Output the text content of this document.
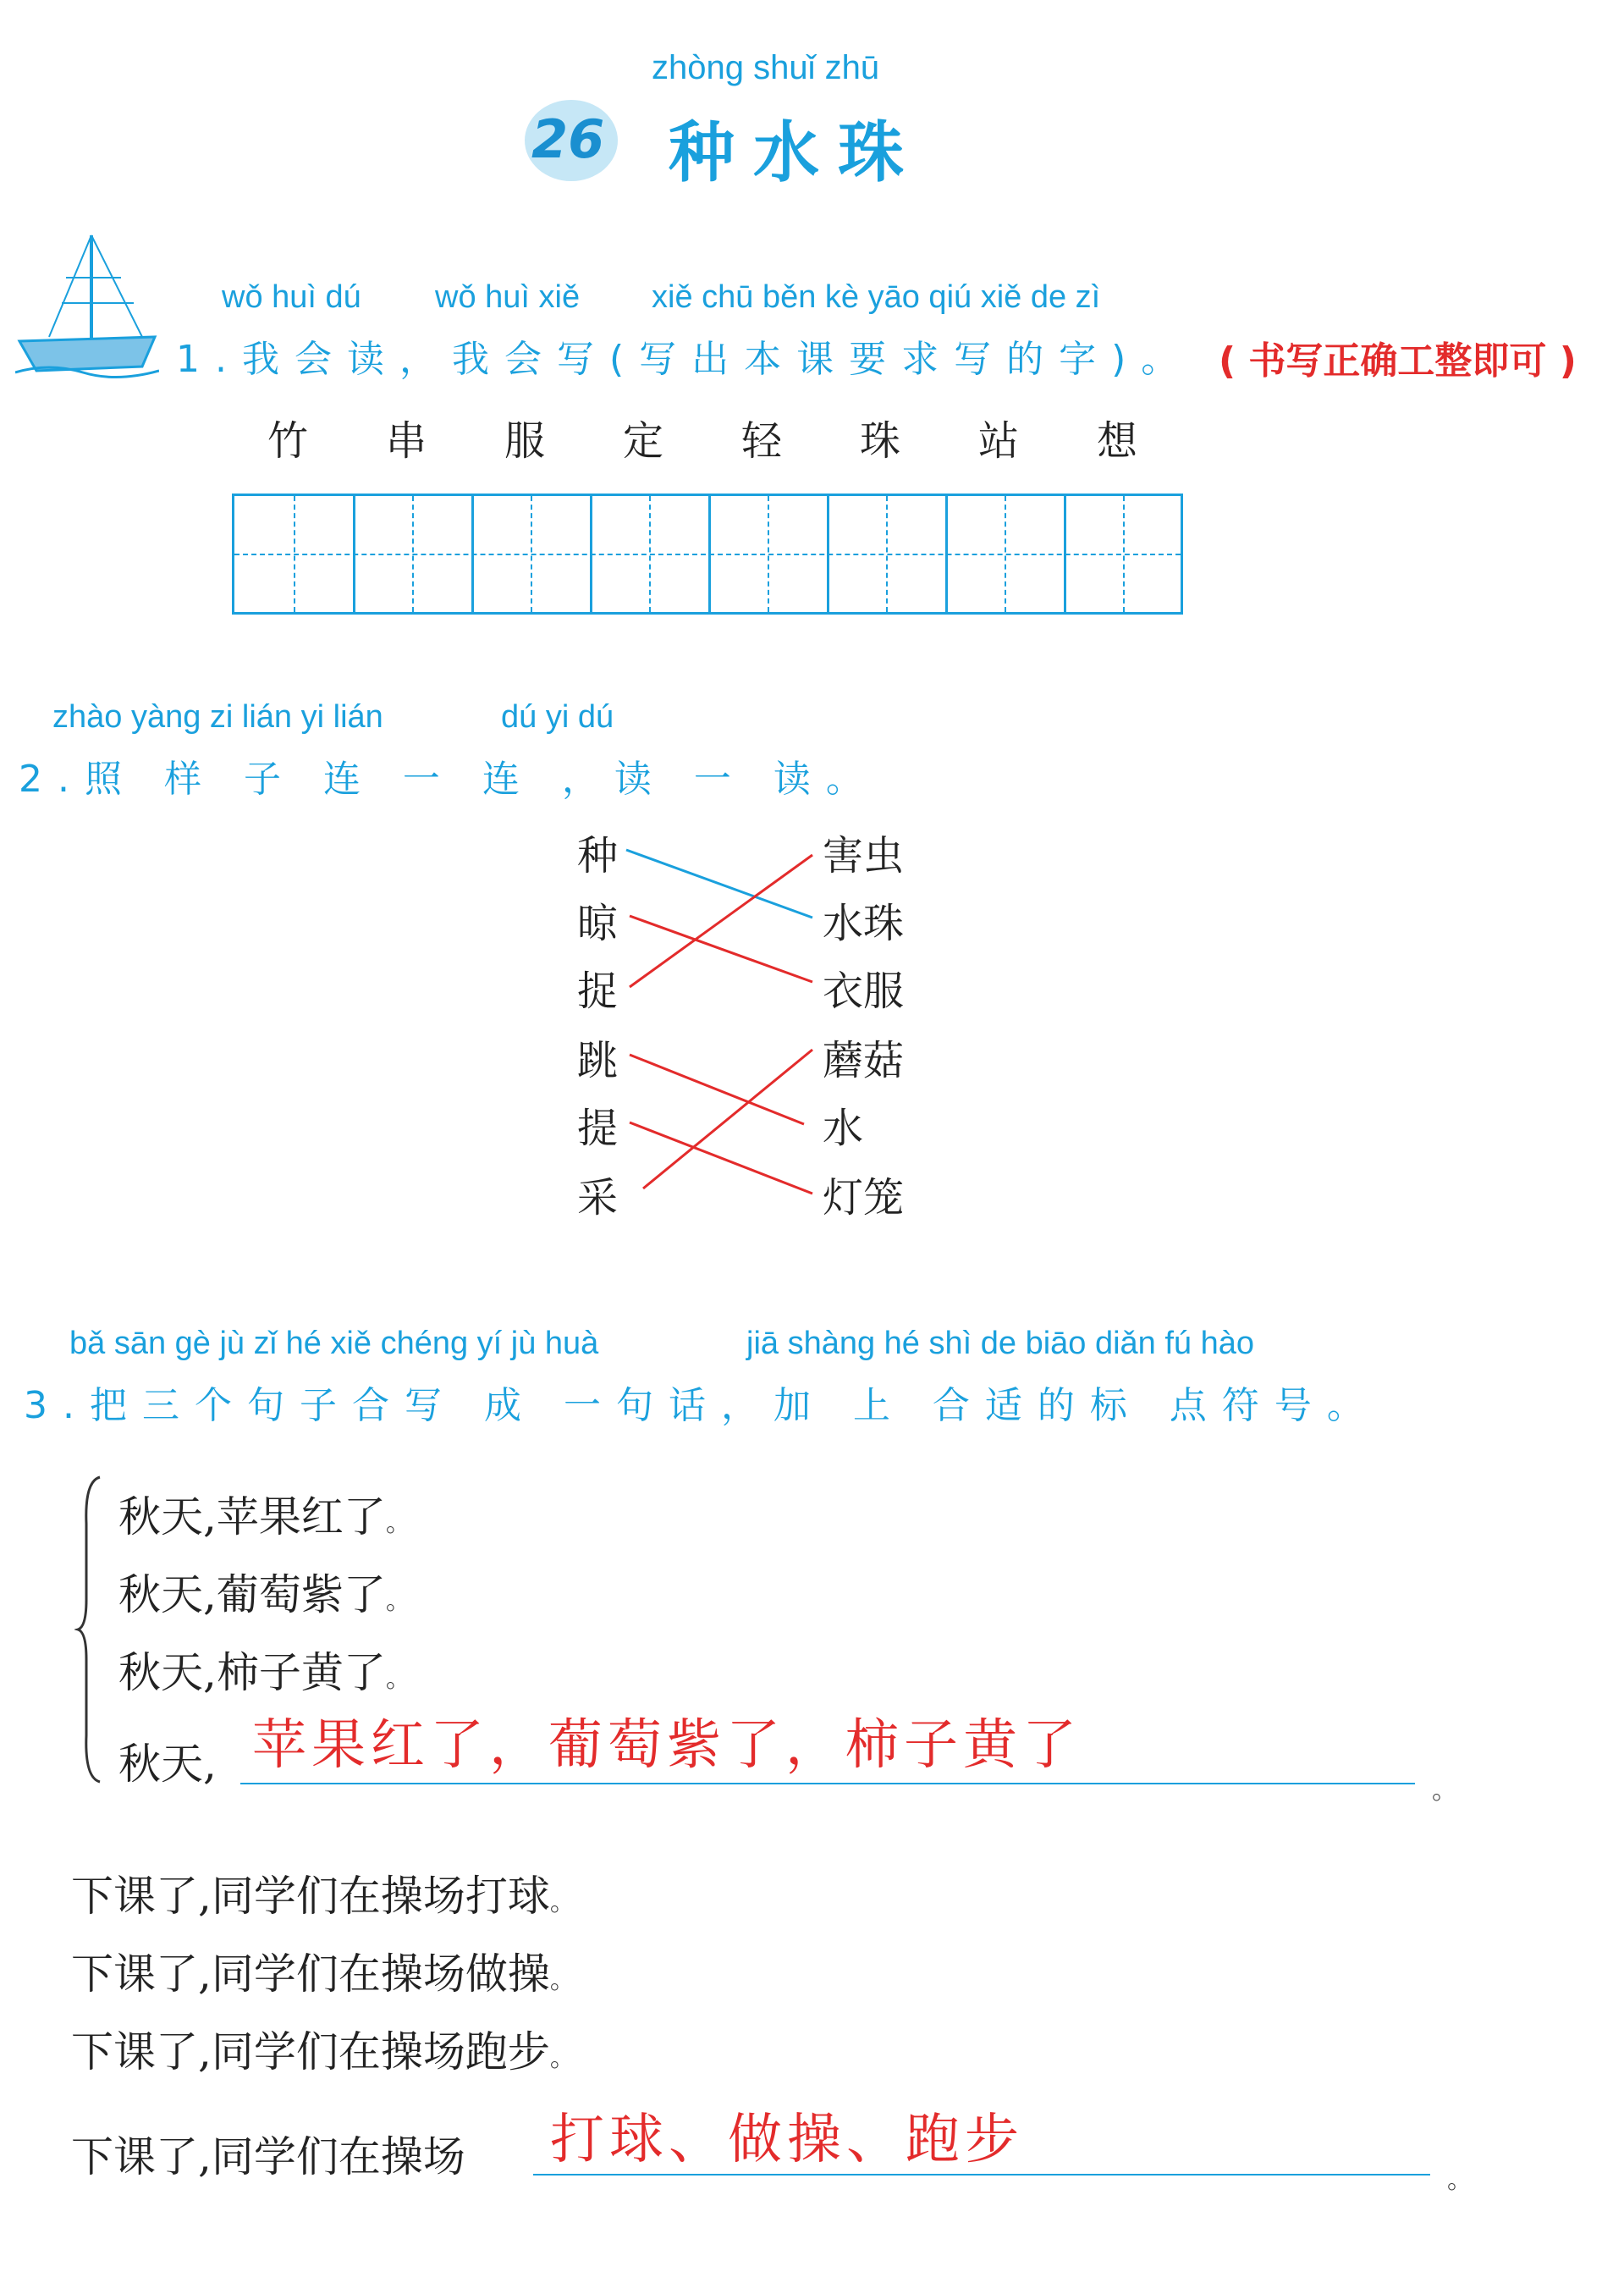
zhòng shuǐ zhū
26 种水珠
wǒ huì dú wǒ huì xiě xiě chū běn kè yāo qiú xiě de zì
1.我会读，我会写(写出本课要求写的字)。 ( 书写正确工整即可 )
竹 串 服 定 轻 珠 站 想
zhào yàng zi lián yi lián	dú yi dú
2.照 样 子 连 一 连 ，读 一 读。
种
晾
捉
跳
提
采
害虫
水珠
衣服
蘑菇
水
灯笼
bǎ sān gè jù zǐ hé xiě chéng yí jù huà	jiā shàng hé shì de biāo diǎn fú hào
3.把三个句子合写 成 一句话，加 上 合适的标 点符号。
秋天,苹果红了。
秋天,葡萄紫了。
秋天,柿子黄了。
秋天, 苹果红了，葡萄紫了，柿子黄了
。
下课了,同学们在操场打球。
下课了,同学们在操场做操。
下课了,同学们在操场跑步。
下课了,同学们在操场 打球、做操、跑步
。
